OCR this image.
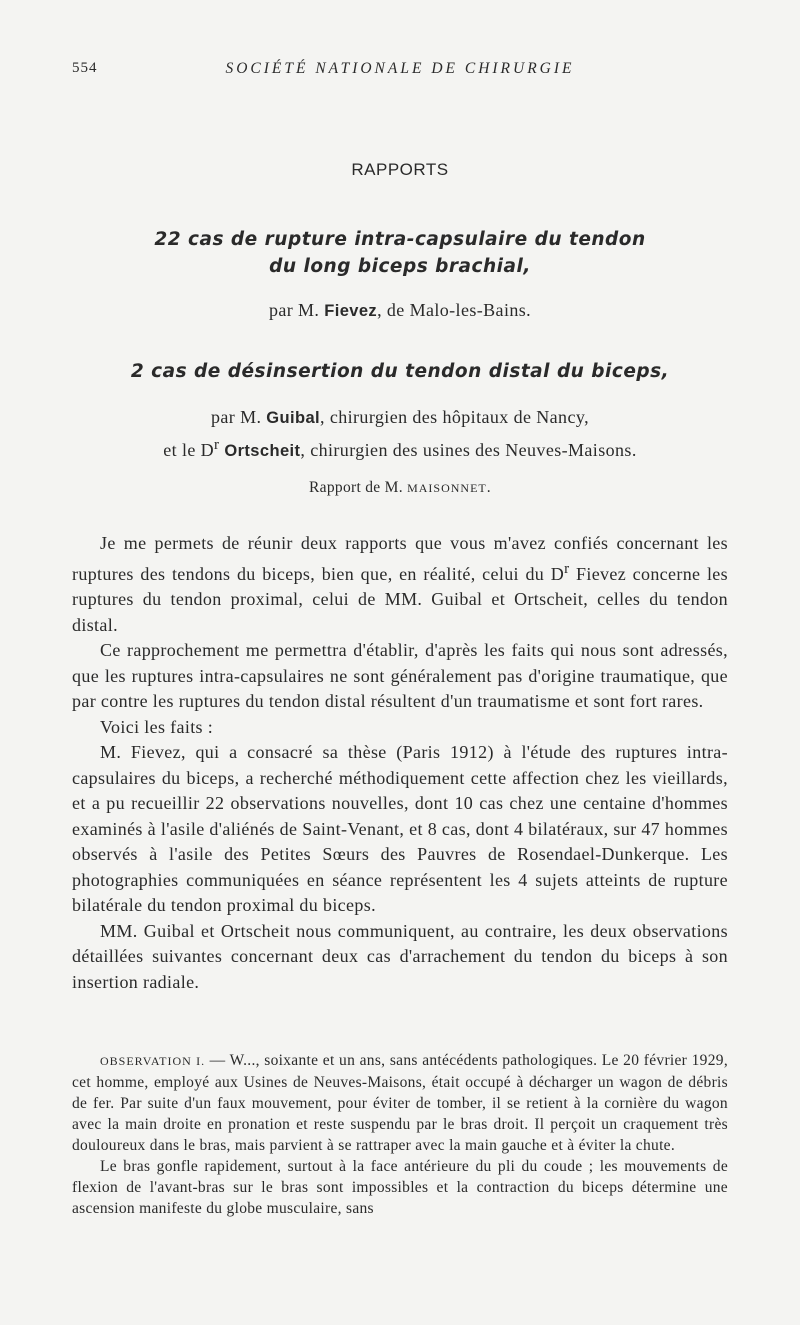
554	SOCIÉTÉ NATIONALE DE CHIRURGIE
RAPPORTS
22 cas de rupture intra-capsulaire du tendon
du long biceps brachial,
par M. Fievez, de Malo-les-Bains.
2 cas de désinsertion du tendon distal du biceps,
par M. Guibal, chirurgien des hôpitaux de Nancy,
et le $D^r$ Ortscheit, chirurgien des usines des Neuves-Maisons.
Rapport de M. MAISONNET.

Je me permets de réunir deux rapports que vous m'avez confiés concernant les ruptures des tendons du biceps, bien que, en réalité, celui du $D^r$ Fievez concerne les ruptures du tendon proximal, celui de MM. Guibal et Ortscheit, celles du tendon distal.

Ce rapprochement me permettra d'établir, d'après les faits qui nous sont adressés, que les ruptures intra-capsulaires ne sont généralement pas d'origine traumatique, que par contre les ruptures du tendon distal résultent d'un traumatisme et sont fort rares.

Voici les faits :

M. Fievez, qui a consacré sa thèse (Paris 1912) à l'étude des ruptures intra-capsulaires du biceps, a recherché méthodiquement cette affection chez les vieillards, et a pu recueillir 22 observations nouvelles, dont 10 cas chez une centaine d'hommes examinés à l'asile d'aliénés de Saint-Venant, et 8 cas, dont 4 bilatéraux, sur 47 hommes observés à l'asile des Petites Sœurs des Pauvres de Rosendael-Dunkerque. Les photographies communiquées en séance représentent les 4 sujets atteints de rupture bilatérale du tendon proximal du biceps.

MM. Guibal et Ortscheit nous communiquent, au contraire, les deux observations détaillées suivantes concernant deux cas d'arrachement du tendon du biceps à son insertion radiale.

OBSERVATION I. — W..., soixante et un ans, sans antécédents pathologiques. Le 20 février 1929, cet homme, employé aux Usines de Neuves-Maisons, était occupé à décharger un wagon de débris de fer. Par suite d'un faux mouvement, pour éviter de tomber, il se retient à la cornière du wagon avec la main droite en pronation et reste suspendu par le bras droit. Il perçoit un craquement très douloureux dans le bras, mais parvient à se rattraper avec la main gauche et à éviter la chute.

Le bras gonfle rapidement, surtout à la face antérieure du pli du coude ; les mouvements de flexion de l'avant-bras sur le bras sont impossibles et la contraction du biceps détermine une ascension manifeste du globe musculaire, sans
